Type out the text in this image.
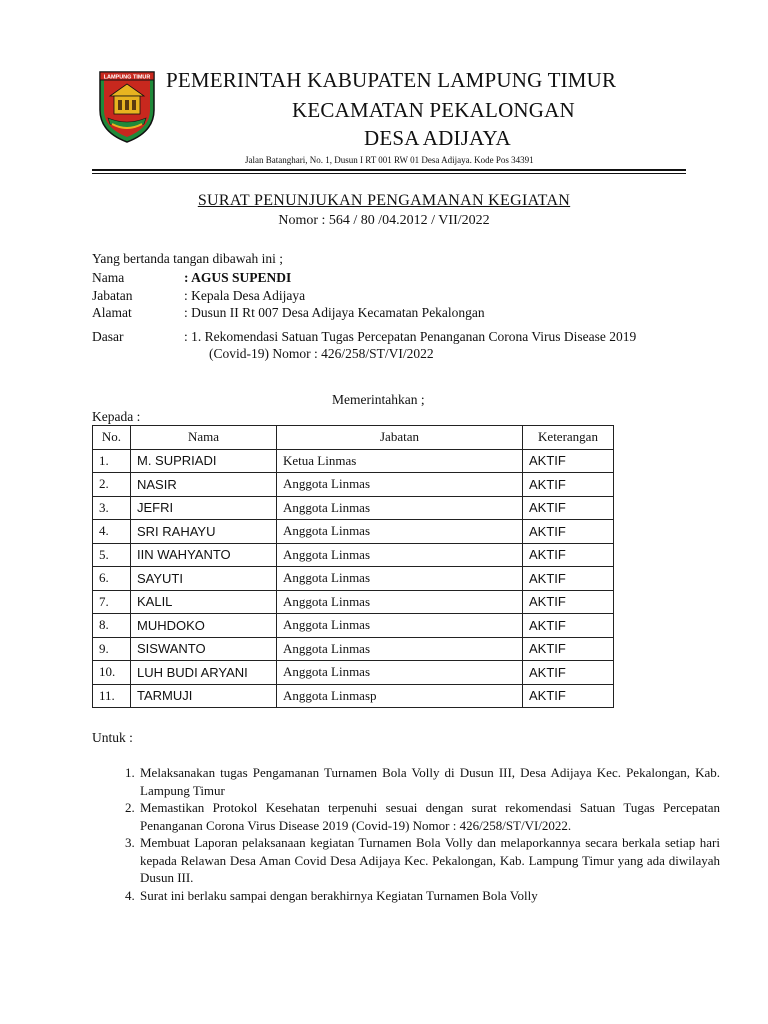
LAMPUNG TIMUR PEMERINTAH KABUPATEN LAMPUNG TIMUR
KECAMATAN PEKALONGAN
DESA ADIJAYA
Jalan Batanghari, No. 1, Dusun I RT 001 RW 01 Desa Adijaya. Kode Pos 34391
SURAT PENUNJUKAN PENGAMANAN KEGIATAN
Nomor : 564 / 80 /04.2012 / VII/2022
Yang bertanda tangan dibawah ini ;
Nama	: AGUS SUPENDI
Jabatan	: Kepala Desa Adijaya
Alamat	: Dusun II Rt 007 Desa Adijaya Kecamatan Pekalongan
Dasar	: 1. Rekomendasi Satuan Tugas Percepatan Penanganan Corona Virus Disease 2019
(Covid-19) Nomor : 426/258/ST/VI/2022
Memerintahkan ;
Kepada :
No.	Nama	Jabatan	Keterangan
1.	M. SUPRIADI	Ketua Linmas	AKTIF
2.	NASIR	Anggota Linmas	AKTIF
3.	JEFRI	Anggota Linmas	AKTIF
4.	SRI RAHAYU	Anggota Linmas	AKTIF
5.	IIN WAHYANTO	Anggota Linmas	AKTIF
6.	SAYUTI	Anggota Linmas	AKTIF
7.	KALIL	Anggota Linmas	AKTIF
8.	MUHDOKO	Anggota Linmas	AKTIF
9.	SISWANTO	Anggota Linmas	AKTIF
10.	LUH BUDI ARYANI	Anggota Linmas	AKTIF
11.	TARMUJI	Anggota Linmasp	AKTIF
Untuk :
1. Melaksanakan tugas Pengamanan Turnamen Bola Volly di Dusun III, Desa Adijaya Kec. Pekalongan, Kab. Lampung Timur
2. Memastikan Protokol Kesehatan terpenuhi sesuai dengan surat rekomendasi Satuan Tugas Percepatan Penanganan Corona Virus Disease 2019 (Covid-19) Nomor : 426/258/ST/VI/2022.
3. Membuat Laporan pelaksanaan kegiatan Turnamen Bola Volly dan melaporkannya secara berkala setiap hari kepada Relawan Desa Aman Covid Desa Adijaya Kec. Pekalongan, Kab. Lampung Timur yang ada diwilayah Dusun III.
4. Surat ini berlaku sampai dengan berakhirnya Kegiatan Turnamen Bola Volly
